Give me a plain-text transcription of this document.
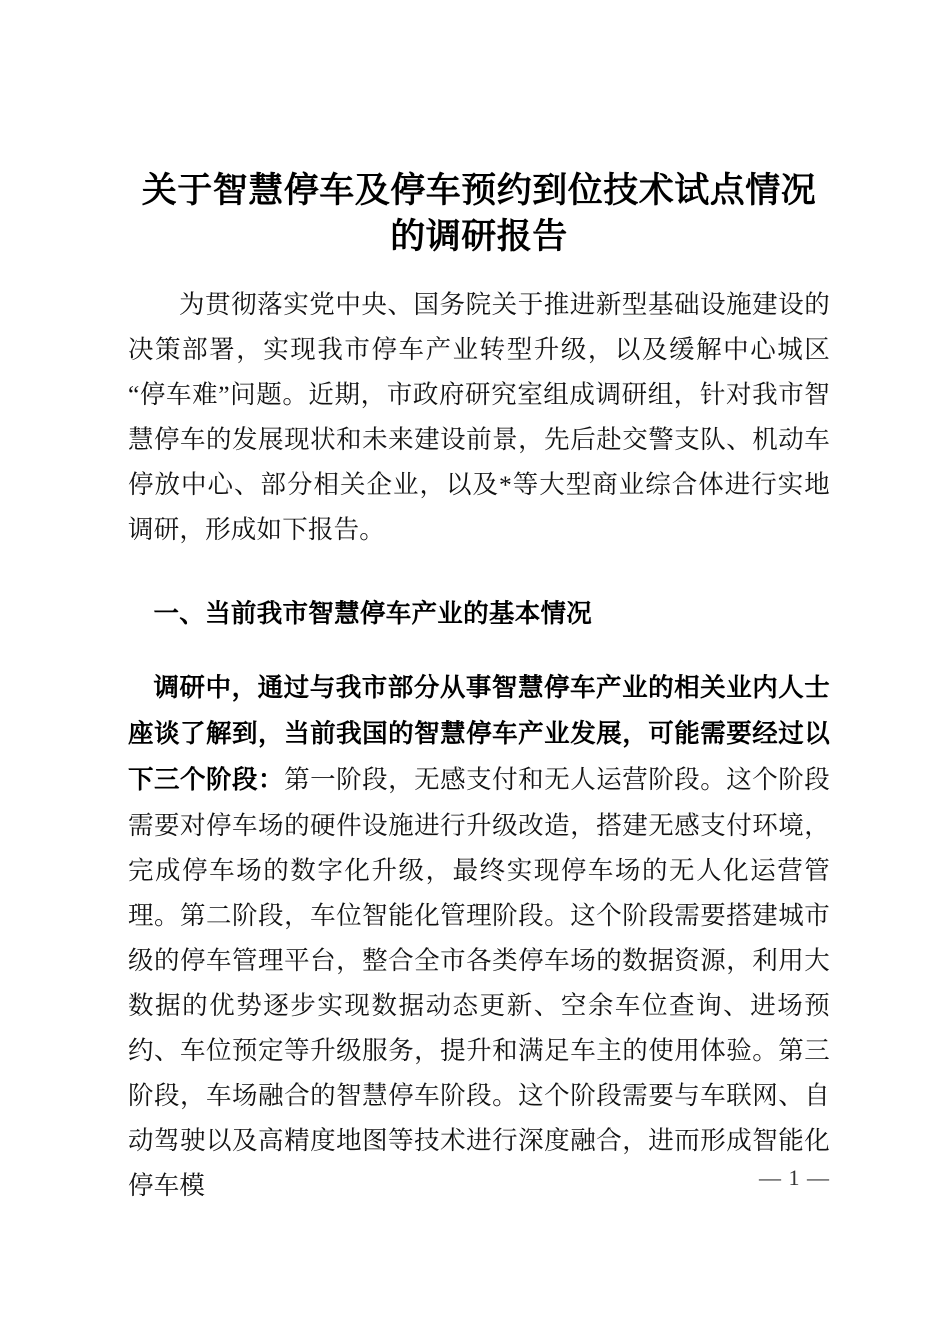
关于智慧停车及停车预约到位技术试点情况的调研报告

为贯彻落实党中央、国务院关于推进新型基础设施建设的决策部署，实现我市停车产业转型升级，以及缓解中心城区“停车难”问题。近期，市政府研究室组成调研组，针对我市智慧停车的发展现状和未来建设前景，先后赴交警支队、机动车停放中心、部分相关企业，以及*等大型商业综合体进行实地调研，形成如下报告。

一、当前我市智慧停车产业的基本情况

调研中，通过与我市部分从事智慧停车产业的相关业内人士座谈了解到，当前我国的智慧停车产业发展，可能需要经过以下三个阶段：第一阶段，无感支付和无人运营阶段。这个阶段需要对停车场的硬件设施进行升级改造，搭建无感支付环境，完成停车场的数字化升级，最终实现停车场的无人化运营管理。第二阶段，车位智能化管理阶段。这个阶段需要搭建城市级的停车管理平台，整合全市各类停车场的数据资源，利用大数据的优势逐步实现数据动态更新、空余车位查询、进场预约、车位预定等升级服务，提升和满足车主的使用体验。第三阶段，车场融合的智慧停车阶段。这个阶段需要与车联网、自动驾驶以及高精度地图等技术进行深度融合，进而形成智能化停车模	— 1 —
